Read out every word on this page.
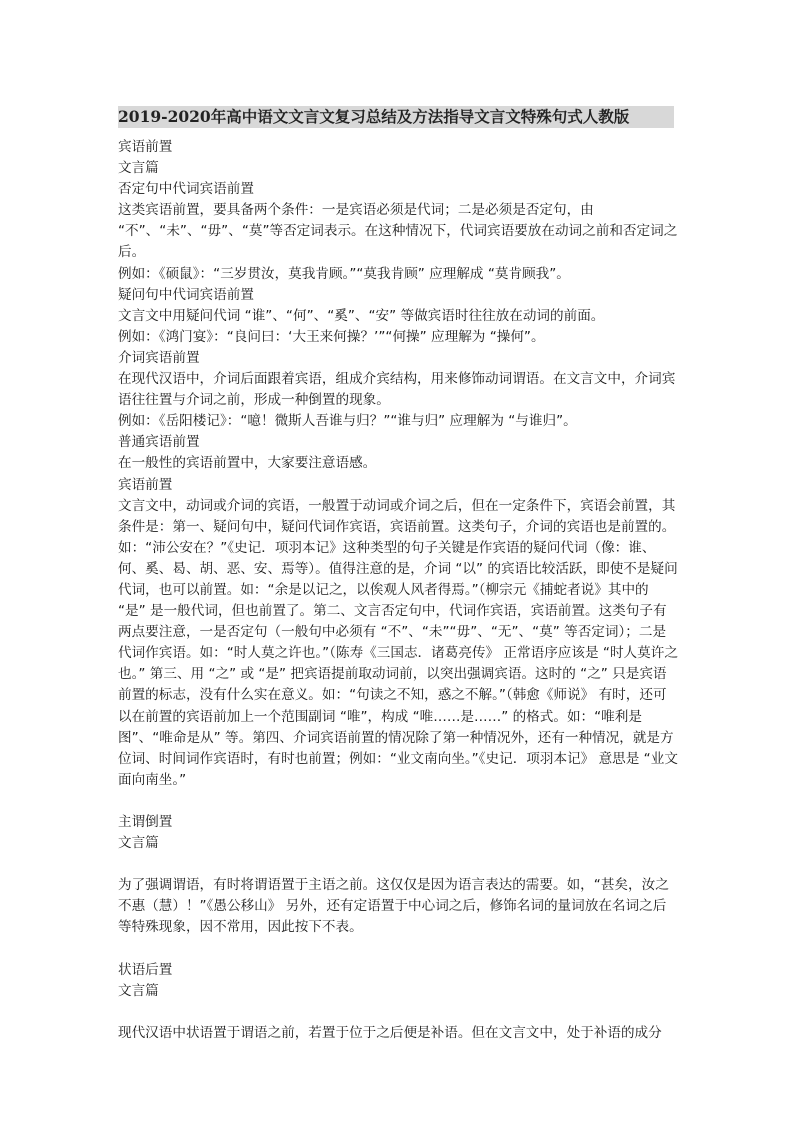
2019-2020年高中语文文言文复习总结及方法指导文言文特殊句式人教版

宾语前置

文言篇

否定句中代词宾语前置

这类宾语前置，要具备两个条件：一是宾语必须是代词；二是必须是否定句，由 “不”、“未”、“毋”、“莫”等否定词表示。在这种情况下，代词宾语要放在动词之前和否定词之后。

例如：《硕鼠》：“三岁贯汝，莫我肯顾。”“莫我肯顾” 应理解成 “莫肯顾我”。

疑问句中代词宾语前置

文言文中用疑问代词 “谁”、“何”、“奚”、“安” 等做宾语时往往放在动词的前面。

例如：《鸿门宴》：“良问曰：‘大王来何操？’”“何操” 应理解为 “操何”。

介词宾语前置

在现代汉语中，介词后面跟着宾语，组成介宾结构，用来修饰动词谓语。在文言文中，介词宾语往往置与介词之前，形成一种倒置的现象。

例如：《岳阳楼记》：“噫！微斯人吾谁与归？”“谁与归” 应理解为 “与谁归”。

普通宾语前置

在一般性的宾语前置中，大家要注意语感。

宾语前置

文言文中，动词或介词的宾语，一般置于动词或介词之后，但在一定条件下，宾语会前置，其条件是：第一、疑问句中，疑问代词作宾语，宾语前置。这类句子，介词的宾语也是前置的。如：“沛公安在？”《史记．项羽本记》这种类型的句子关键是作宾语的疑问代词（像：谁、何、奚、曷、胡、恶、安、焉等）。值得注意的是，介词 “以” 的宾语比较活跃，即使不是疑问代词，也可以前置。如：“余是以记之，以俟观人风者得焉。”（柳宗元《捕蛇者说》其中的 “是” 是一般代词，但也前置了。第二、文言否定句中，代词作宾语，宾语前置。这类句子有两点要注意，一是否定句（一般句中必须有 “不”、“未”“毋”、“无”、“莫” 等否定词）；二是代词作宾语。如：“时人莫之许也。”（陈寿《三国志．诸葛亮传》 正常语序应该是 “时人莫许之也。” 第三、用 “之” 或 “是” 把宾语提前取动词前，以突出强调宾语。这时的 “之” 只是宾语前置的标志，没有什么实在意义。如：“句读之不知，惑之不解。”（韩愈《师说》 有时，还可以在前置的宾语前加上一个范围副词 “唯”，构成 “唯……是……” 的格式。如：“唯利是图”、“唯命是从” 等。第四、介词宾语前置的情况除了第一种情况外，还有一种情况，就是方位词、时间词作宾语时，有时也前置；例如：“业文南向坐。”《史记．项羽本记》 意思是 “业文面向南坐。”

主谓倒置

文言篇

为了强调谓语，有时将谓语置于主语之前。这仅仅是因为语言表达的需要。如，“甚矣，汝之不惠（慧）！”《愚公移山》 另外，还有定语置于中心词之后，修饰名词的量词放在名词之后等特殊现象，因不常用，因此按下不表。

状语后置

文言篇

现代汉语中状语置于谓语之前，若置于位于之后便是补语。但在文言文中，处于补语的成分
